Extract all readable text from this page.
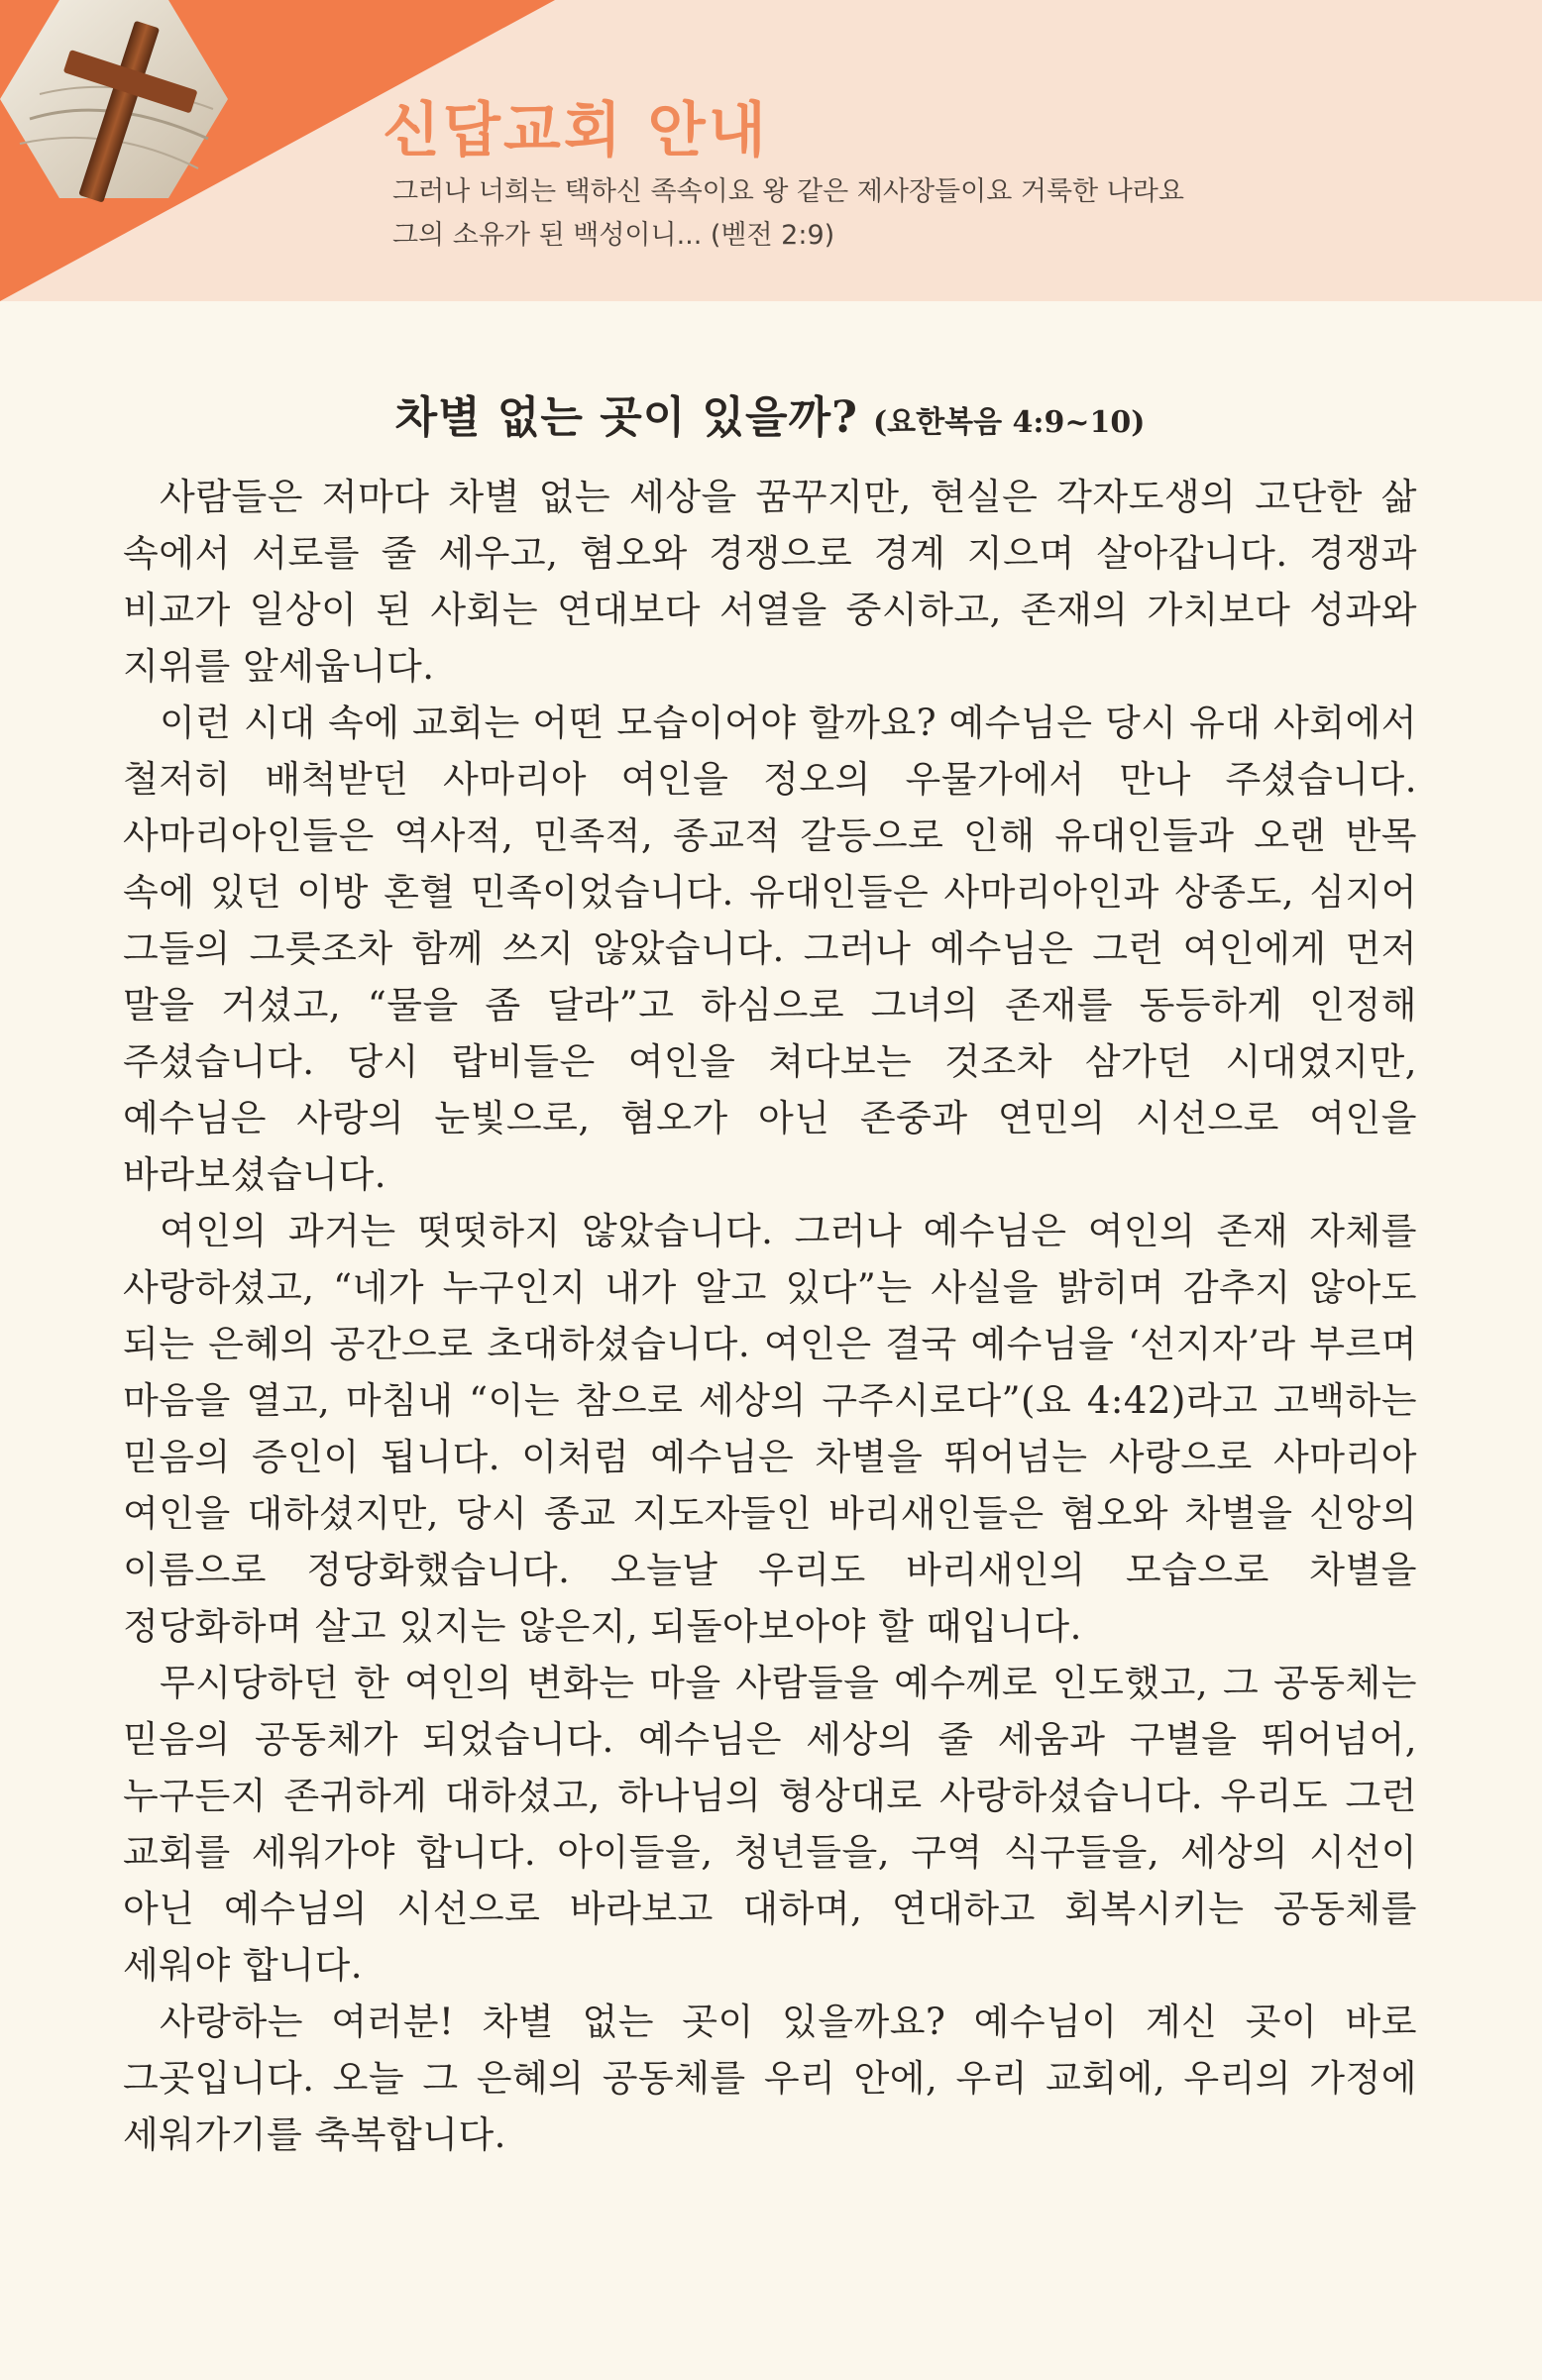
신답교회 안내
그러나 너희는 택하신 족속이요 왕 같은 제사장들이요 거룩한 나라요
그의 소유가 된 백성이니... (벧전 2:9)
차별 없는 곳이 있을까? (요한복음 4:9~10)

사람들은 저마다 차별 없는 세상을 꿈꾸지만, 현실은 각자도생의 고단한 삶 속에서 서로를 줄 세우고, 혐오와 경쟁으로 경계 지으며 살아갑니다. 경쟁과 비교가 일상이 된 사회는 연대보다 서열을 중시하고, 존재의 가치보다 성과와 지위를 앞세웁니다.

이런 시대 속에 교회는 어떤 모습이어야 할까요? 예수님은 당시 유대 사회에서 철저히 배척받던 사마리아 여인을 정오의 우물가에서 만나 주셨습니다. 사마리아인들은 역사적, 민족적, 종교적 갈등으로 인해 유대인들과 오랜 반목 속에 있던 이방 혼혈 민족이었습니다. 유대인들은 사마리아인과 상종도, 심지어 그들의 그릇조차 함께 쓰지 않았습니다. 그러나 예수님은 그런 여인에게 먼저 말을 거셨고, “물을 좀 달라”고 하심으로 그녀의 존재를 동등하게 인정해 주셨습니다. 당시 랍비들은 여인을 쳐다보는 것조차 삼가던 시대였지만, 예수님은 사랑의 눈빛으로, 혐오가 아닌 존중과 연민의 시선으로 여인을 바라보셨습니다.

여인의 과거는 떳떳하지 않았습니다. 그러나 예수님은 여인의 존재 자체를 사랑하셨고, “네가 누구인지 내가 알고 있다”는 사실을 밝히며 감추지 않아도 되는 은혜의 공간으로 초대하셨습니다. 여인은 결국 예수님을 ‘선지자’라 부르며 마음을 열고, 마침내 “이는 참으로 세상의 구주시로다”(요 4:42)라고 고백하는 믿음의 증인이 됩니다. 이처럼 예수님은 차별을 뛰어넘는 사랑으로 사마리아 여인을 대하셨지만, 당시 종교 지도자들인 바리새인들은 혐오와 차별을 신앙의 이름으로 정당화했습니다. 오늘날 우리도 바리새인의 모습으로 차별을 정당화하며 살고 있지는 않은지, 되돌아보아야 할 때입니다.

무시당하던 한 여인의 변화는 마을 사람들을 예수께로 인도했고, 그 공동체는 믿음의 공동체가 되었습니다. 예수님은 세상의 줄 세움과 구별을 뛰어넘어, 누구든지 존귀하게 대하셨고, 하나님의 형상대로 사랑하셨습니다. 우리도 그런 교회를 세워가야 합니다. 아이들을, 청년들을, 구역 식구들을, 세상의 시선이 아닌 예수님의 시선으로 바라보고 대하며, 연대하고 회복시키는 공동체를 세워야 합니다.

사랑하는 여러분! 차별 없는 곳이 있을까요? 예수님이 계신 곳이 바로 그곳입니다. 오늘 그 은혜의 공동체를 우리 안에, 우리 교회에, 우리의 가정에 세워가기를 축복합니다.
